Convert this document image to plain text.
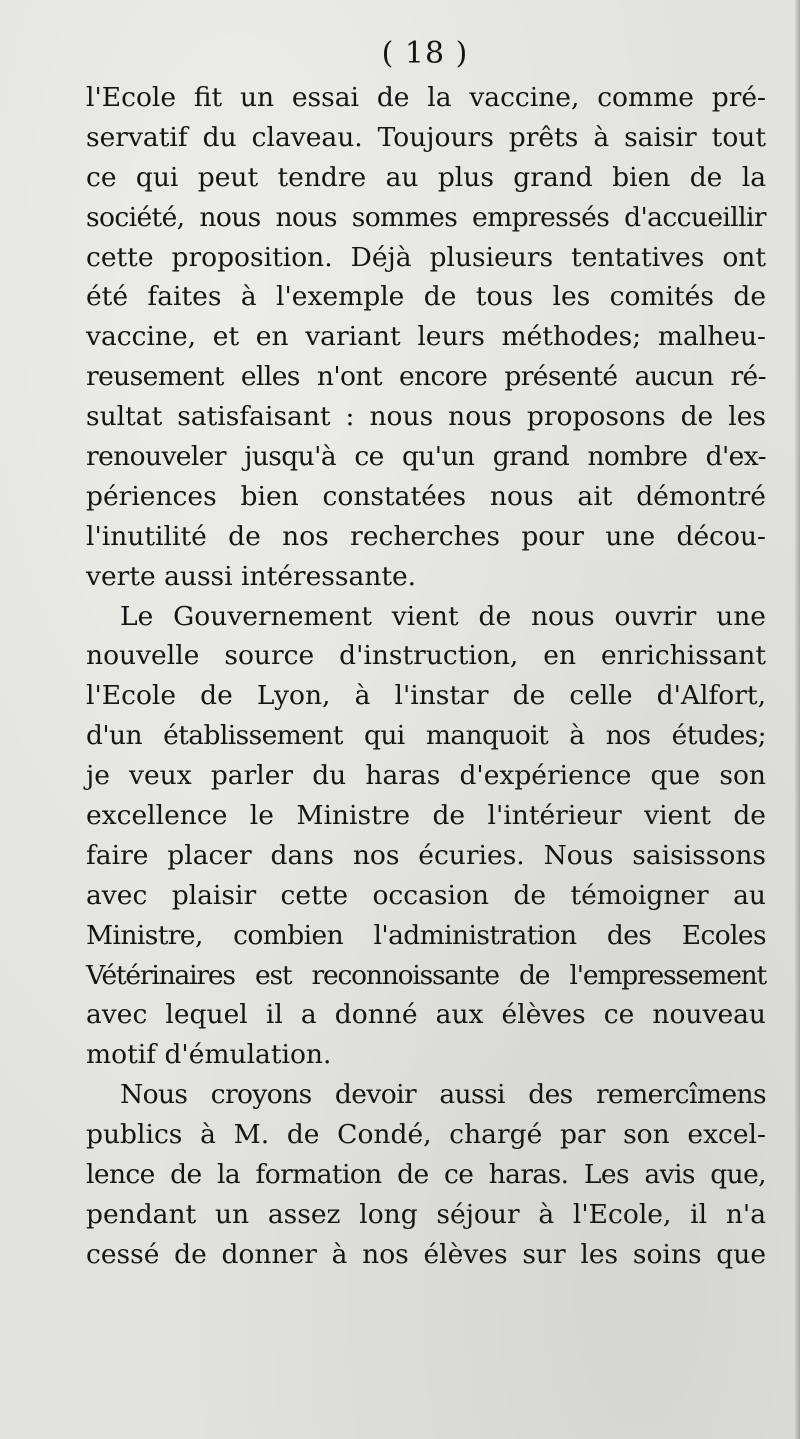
( 18 )
l'Ecole fit un essai de la vaccine, comme pré-
servatif du claveau. Toujours prêts à saisir tout
ce qui peut tendre au plus grand bien de la
société, nous nous sommes empressés d'accueillir
cette proposition. Déjà plusieurs tentatives ont
été faites à l'exemple de tous les comités de
vaccine, et en variant leurs méthodes; malheu-
reusement elles n'ont encore présenté aucun ré-
sultat satisfaisant : nous nous proposons de les
renouveler jusqu'à ce qu'un grand nombre d'ex-
périences bien constatées nous ait démontré
l'inutilité de nos recherches pour une décou-
verte aussi intéressante.
Le Gouvernement vient de nous ouvrir une
nouvelle source d'instruction, en enrichissant
l'Ecole de Lyon, à l'instar de celle d'Alfort,
d'un établissement qui manquoit à nos études;
je veux parler du haras d'expérience que son
excellence le Ministre de l'intérieur vient de
faire placer dans nos écuries. Nous saisissons
avec plaisir cette occasion de témoigner au
Ministre, combien l'administration des Ecoles
Vétérinaires est reconnoissante de l'empressement
avec lequel il a donné aux élèves ce nouveau
motif d'émulation.
Nous croyons devoir aussi des remercîmens
publics à M. de Condé, chargé par son excel-
lence de la formation de ce haras. Les avis que,
pendant un assez long séjour à l'Ecole, il n'a
cessé de donner à nos élèves sur les soins que
